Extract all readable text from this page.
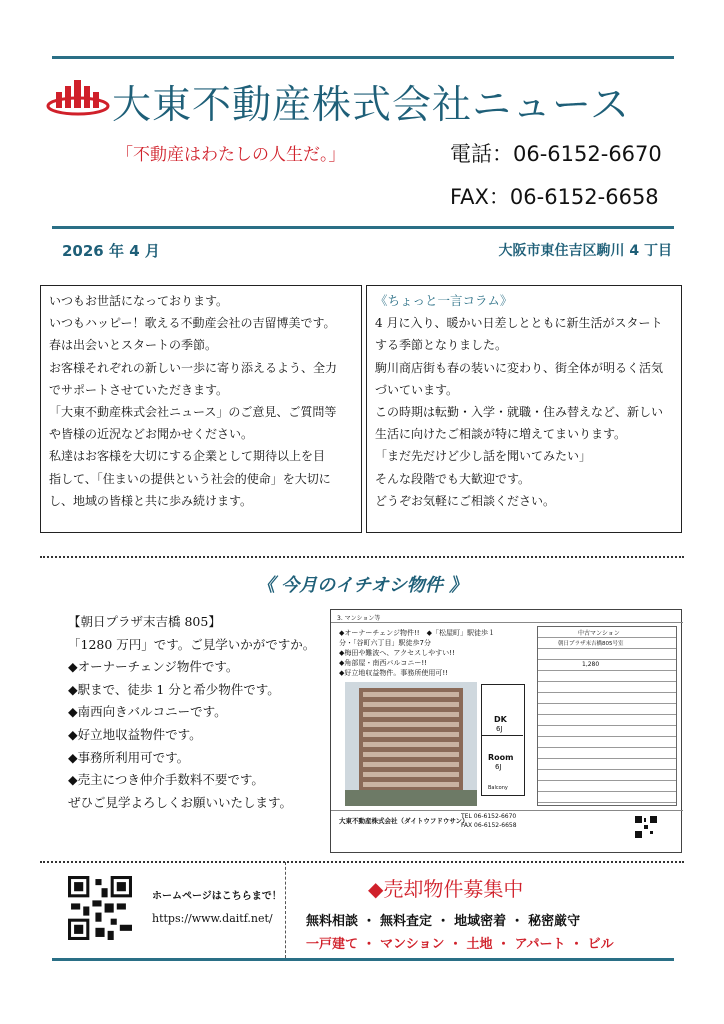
大東不動産株式会社ニュース
「不動産はわたしの人生だ。」	電話：06-6152-6670
FAX：06-6152-6658
2026 年 4 月	大阪市東住吉区駒川 4 丁目

いつもお世話になっております。

いつもハッピー！歌える不動産会社の吉留博美です。

春は出会いとスタートの季節。

お客様それぞれの新しい一歩に寄り添えるよう、全力

でサポートさせていただきます。

「大東不動産株式会社ニュース」のご意見、ご質問等

や皆様の近況などお聞かせください。

私達はお客様を大切にする企業として期待以上を目

指して、「住まいの提供という社会的使命」を大切に

し、地域の皆様と共に歩み続けます。

《ちょっと一言コラム》

4 月に入り、暖かい日差しとともに新生活がスタート

する季節となりました。

駒川商店街も春の装いに変わり、街全体が明るく活気

づいています。

この時期は転勤・入学・就職・住み替えなど、新しい

生活に向けたご相談が特に増えてまいります。

「まだ先だけど少し話を聞いてみたい」

そんな段階でも大歓迎です。

どうぞお気軽にご相談ください。

《 今月のイチオシ物件 》

【朝日プラザ末吉橋 805】

「1280 万円」です。ご見学いかがですか。

◆オーナーチェンジ物件です。

◆駅まで、徒歩 1 分と希少物件です。

◆南西向きバルコニーです。

◆好立地収益物件です。

◆事務所利用可です。

◆売主につき仲介手数料不要です。

ぜひご見学よろしくお願いいたします。

3. マンション等
◆オーナーチェンジ物件!!　◆「松屋町」駅徒歩１
分・「谷町六丁目」駅徒歩7分
◆梅田や難波へ、アクセスしやすい!!
◆角部屋・南西バルコニー!!
◆好立地収益物件。事務所使用可!!
DK
6J
Room
6J
Balcony
中古マンション
朝日プラザ末吉橋805号室
1,280
大東不動産株式会社（ダイトウフドウサン）
TEL 06-6152-6670
FAX 06-6152-6658
ホームページはこちらまで！
https://www.daitf.net/
◆売却物件募集中
無料相談 ・ 無料査定 ・ 地域密着 ・ 秘密厳守
一戸建て ・ マンション ・ 土地 ・ アパート ・ ビル
